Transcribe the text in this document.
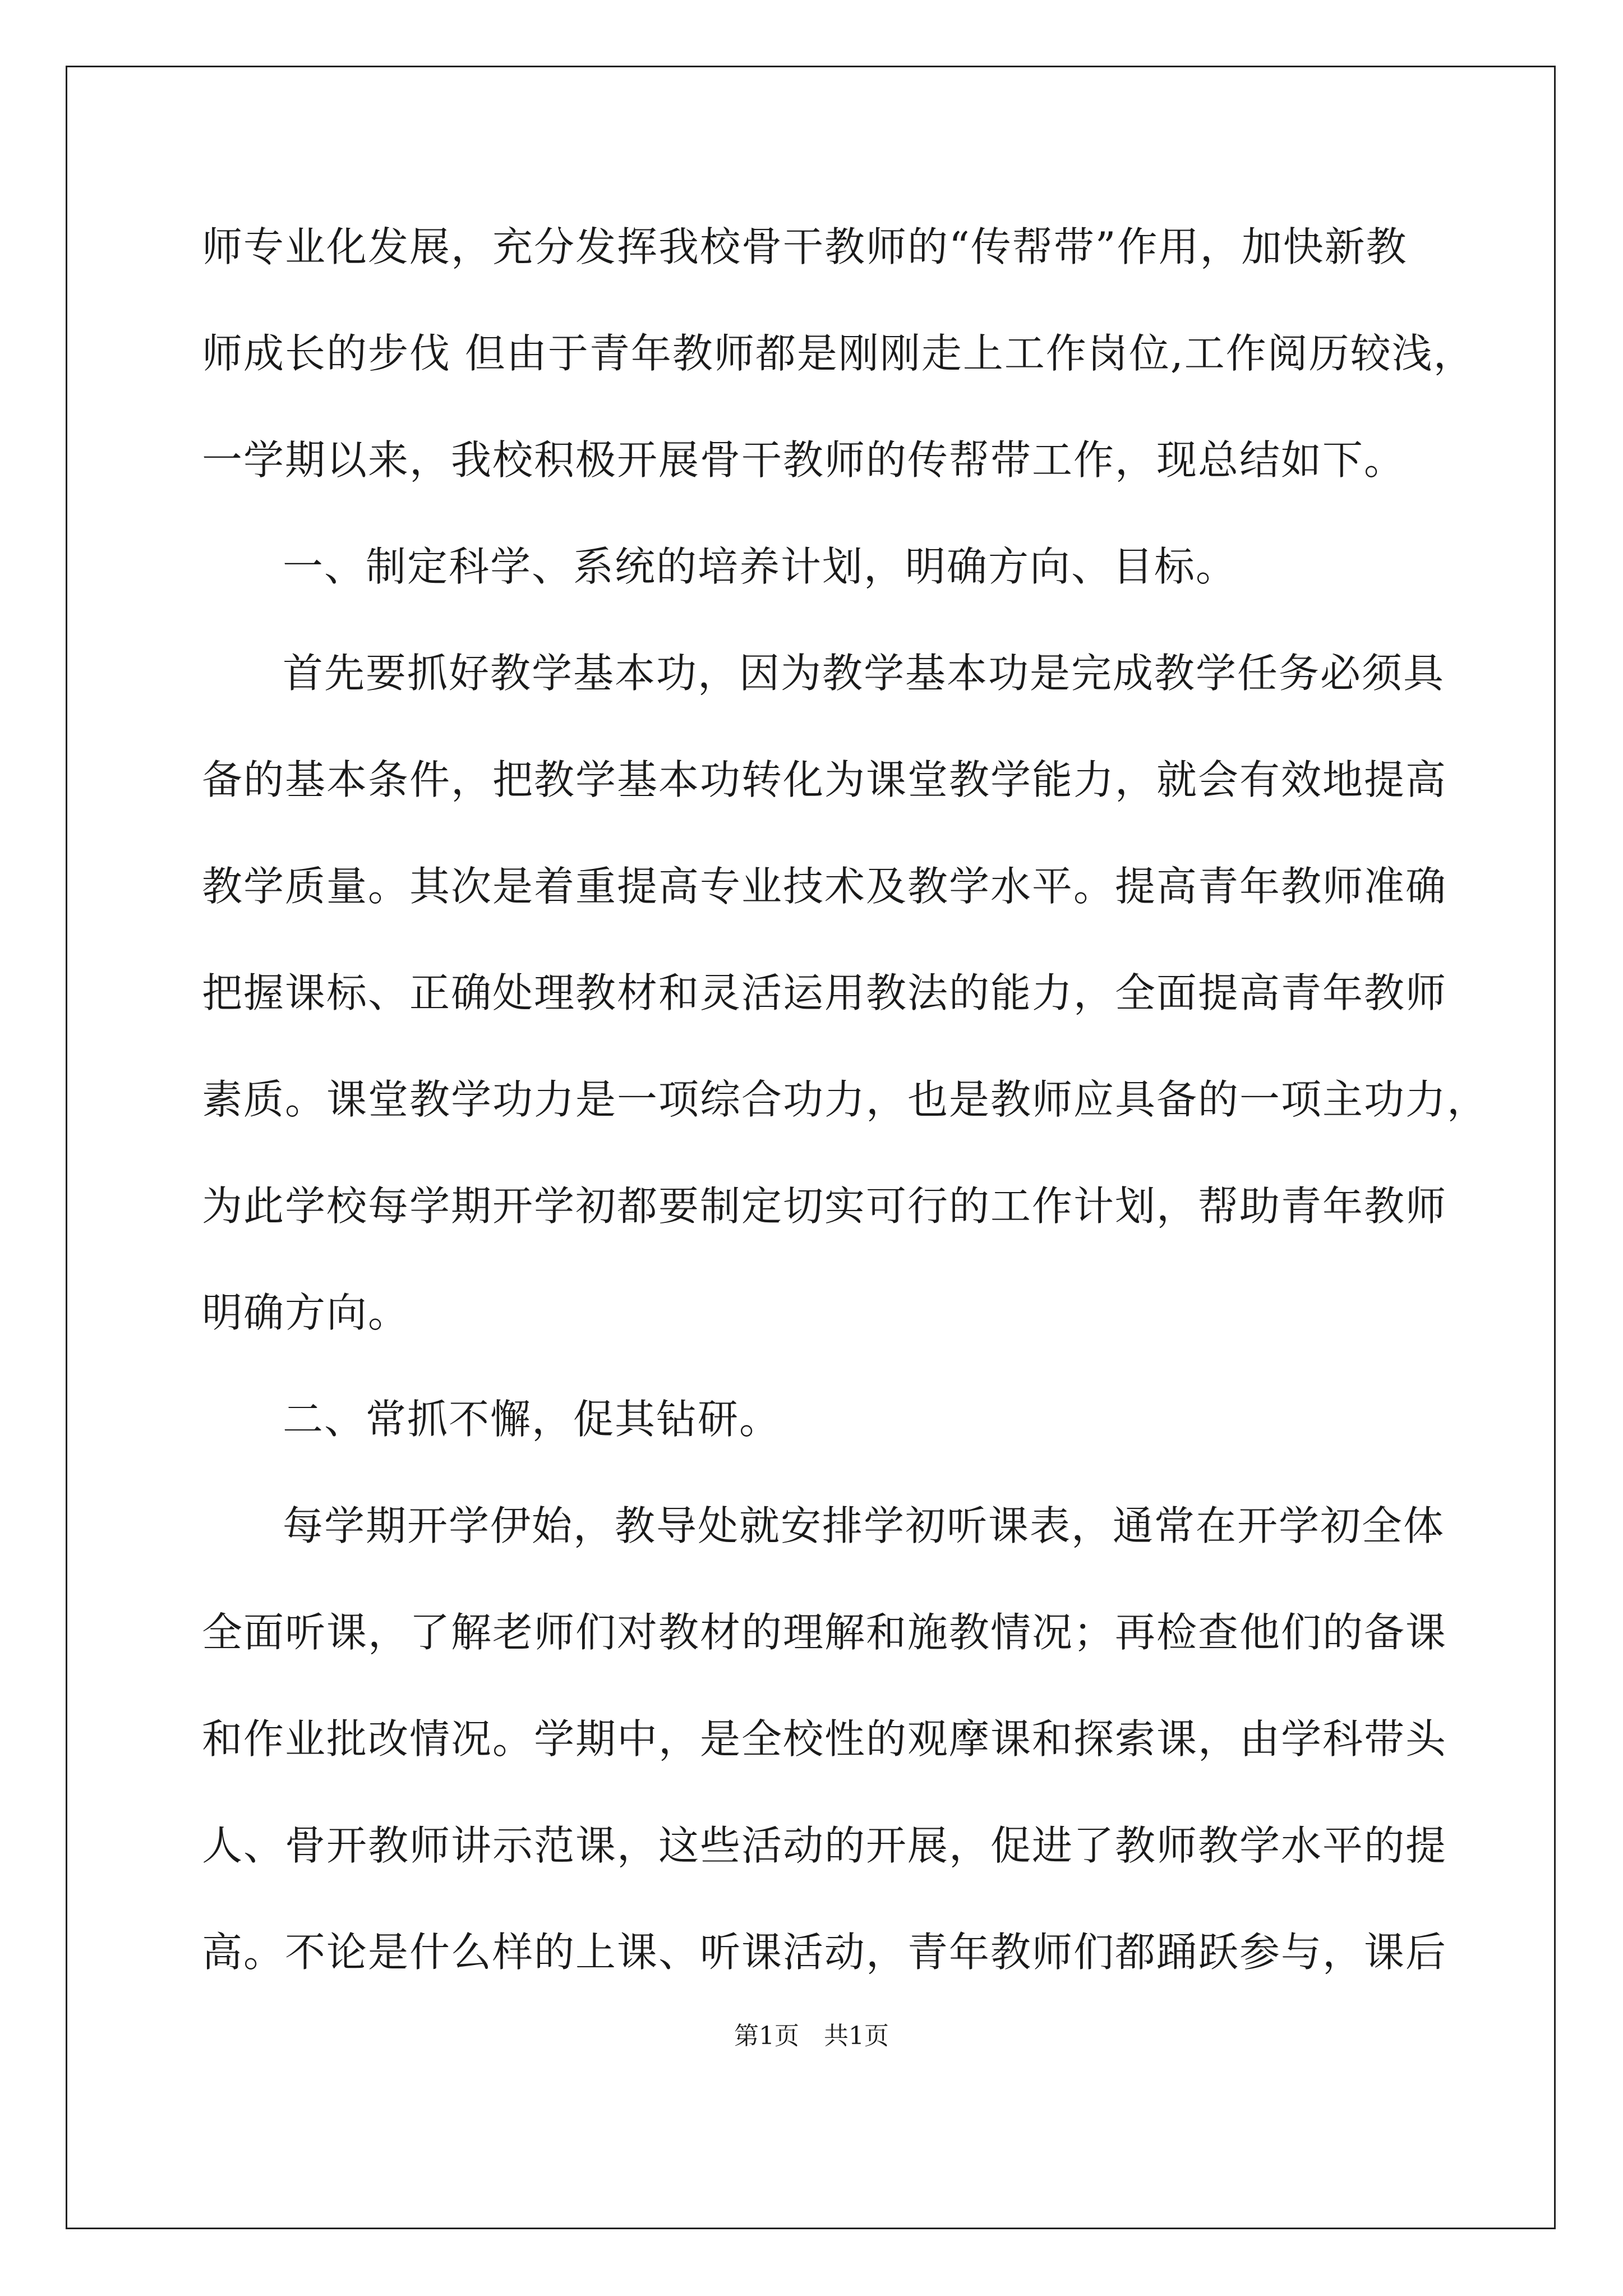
师专业化发展，充分发挥我校骨干教师的“传帮带”作用，加快新教
师成长的步伐 但由于青年教师都是刚刚走上工作岗位,工作阅历较浅，
一学期以来，我校积极开展骨干教师的传帮带工作，现总结如下。
一、制定科学、系统的培养计划，明确方向、目标。
首先要抓好教学基本功，因为教学基本功是完成教学任务必须具
备的基本条件，把教学基本功转化为课堂教学能力，就会有效地提高
教学质量。其次是着重提高专业技术及教学水平。提高青年教师准确
把握课标、正确处理教材和灵活运用教法的能力，全面提高青年教师
素质。课堂教学功力是一项综合功力，也是教师应具备的一项主功力，
为此学校每学期开学初都要制定切实可行的工作计划，帮助青年教师
明确方向。
二、常抓不懈，促其钻研。
每学期开学伊始，教导处就安排学初听课表，通常在开学初全体
全面听课，了解老师们对教材的理解和施教情况；再检查他们的备课
和作业批改情况。学期中，是全校性的观摩课和探索课，由学科带头
人、骨开教师讲示范课，这些活动的开展，促进了教师教学水平的提
高。不论是什么样的上课、听课活动，青年教师们都踊跃参与，课后
第1页　共1页
